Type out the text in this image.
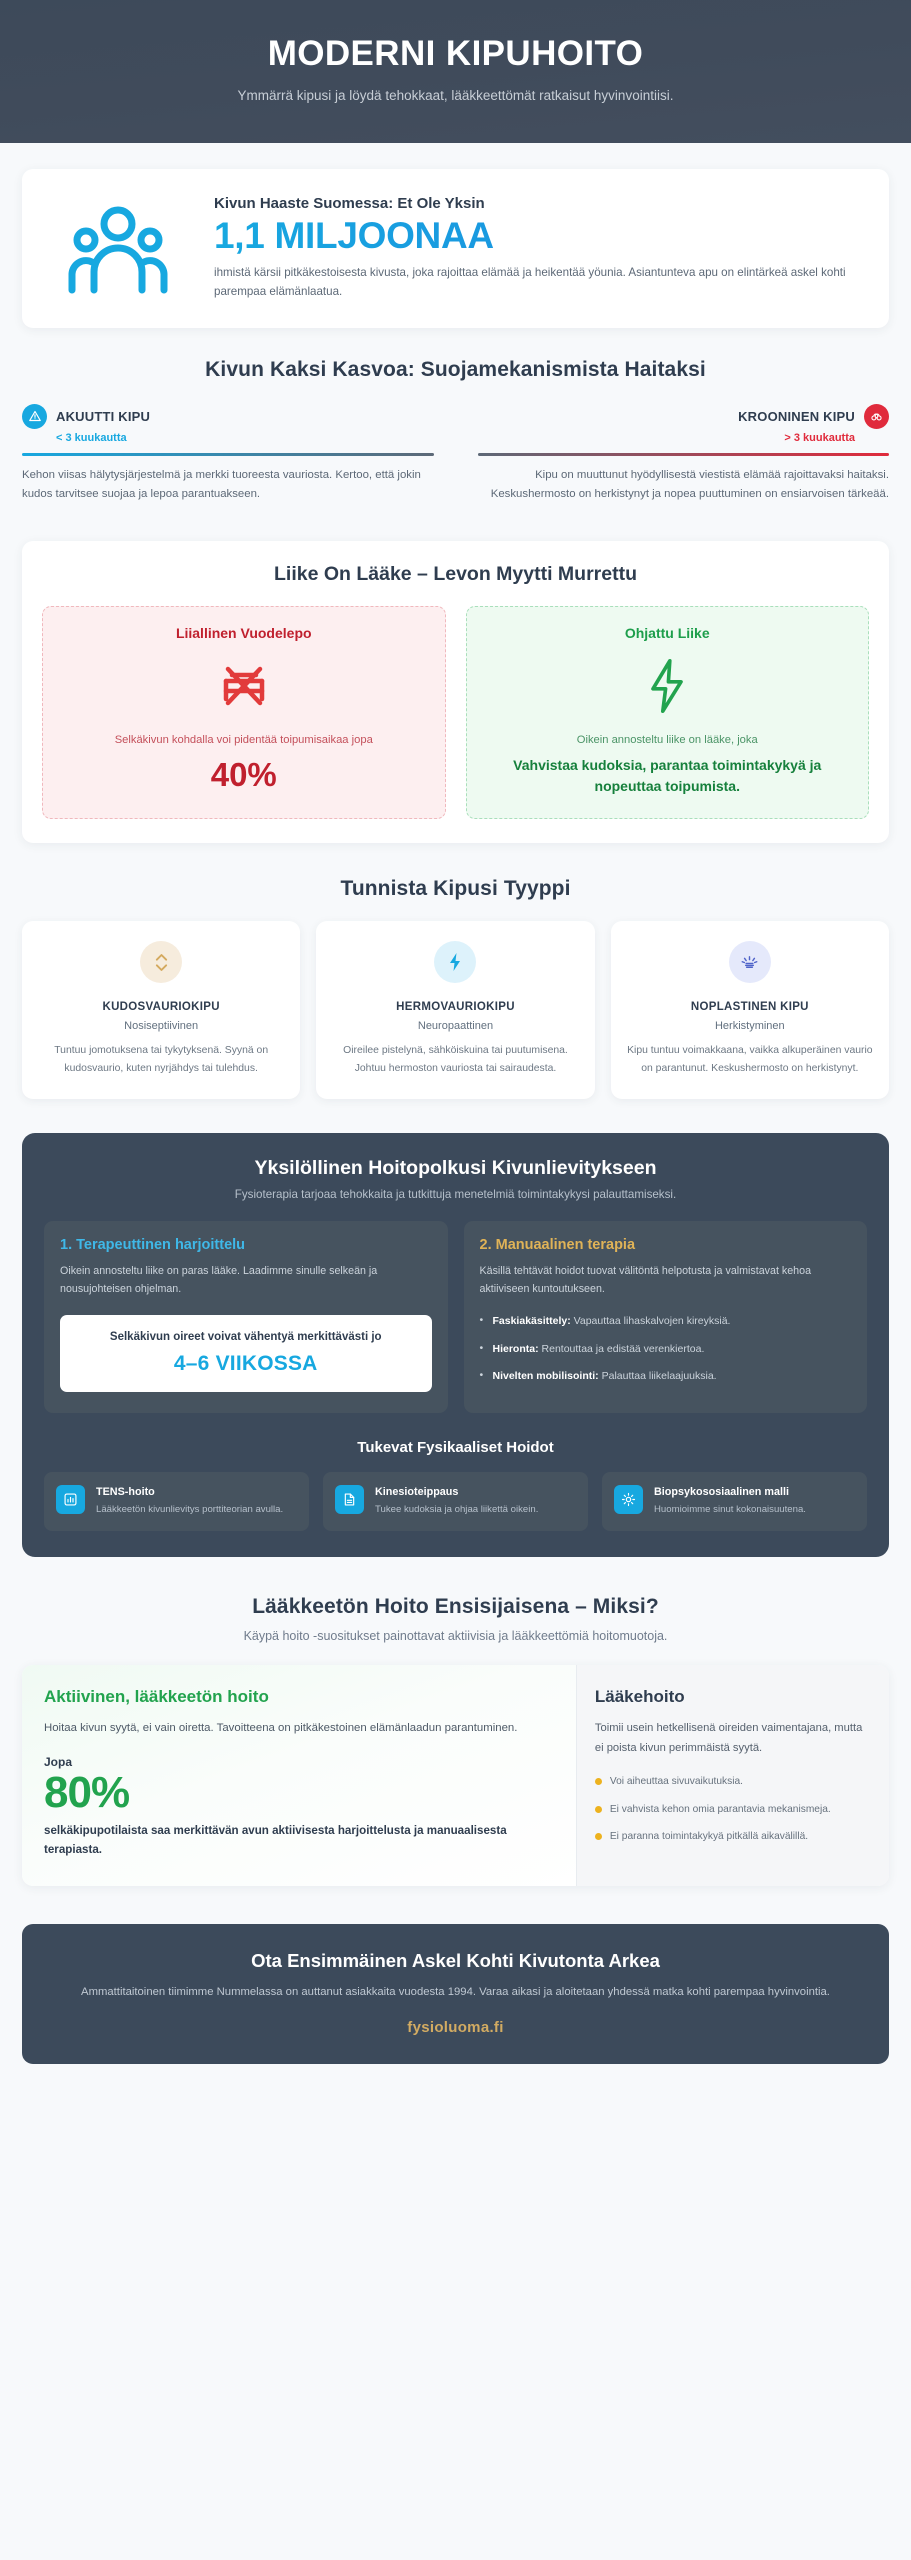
MODERNI KIPUHOITO

Ymmärrä kipusi ja löydä tehokkaat, lääkkeettömät ratkaisut hyvinvointiisi.

Kivun Haaste Suomessa: Et Ole Yksin
1,1 MILJOONAA
ihmistä kärsii pitkäkestoisesta kivusta, joka rajoittaa elämää ja heikentää yöunia. Asiantunteva apu on elintärkeä askel kohti parempaa elämänlaatua.
Kivun Kaksi Kasvoa: Suojamekanismista Haitaksi
AKUUTTI KIPU
< 3 kuukautta
Kehon viisas hälytysjärjestelmä ja merkki tuoreesta vauriosta. Kertoo, että jokin kudos tarvitsee suojaa ja lepoa parantuakseen.
KROONINEN KIPU
> 3 kuukautta
Kipu on muuttunut hyödyllisestä viestistä elämää rajoittavaksi haitaksi. Keskushermosto on herkistynyt ja nopea puuttuminen on ensiarvoisen tärkeää.
Liike On Lääke – Levon Myytti Murrettu
Liiallinen Vuodelepo
Selkäkivun kohdalla voi pidentää toipumisaikaa jopa
40%
Ohjattu Liike
Oikein annosteltu liike on lääke, joka
Vahvistaa kudoksia, parantaa toimintakykyä ja nopeuttaa toipumista.
Tunnista Kipusi Tyyppi
KUDOSVAURIOKIPU
Nosiseptiivinen
Tuntuu jomotuksena tai tykytyksenä. Syynä on kudosvaurio, kuten nyrjähdys tai tulehdus.
HERMOVAURIOKIPU
Neuropaattinen
Oireilee pistelynä, sähköiskuina tai puutumisena. Johtuu hermoston vauriosta tai sairaudesta.
NOPLASTINEN KIPU
Herkistyminen
Kipu tuntuu voimakkaana, vaikka alkuperäinen vaurio on parantunut. Keskushermosto on herkistynyt.
Yksilöllinen Hoitopolkusi Kivunlievitykseen
Fysioterapia tarjoaa tehokkaita ja tutkittuja menetelmiä toimintakykysi palauttamiseksi.
1. Terapeuttinen harjoittelu

Oikein annosteltu liike on paras lääke. Laadimme sinulle selkeän ja nousujohteisen ohjelman.

Selkäkivun oireet voivat vähentyä merkittävästi jo
4–6 VIIKOSSA
2. Manuaalinen terapia

Käsillä tehtävät hoidot tuovat välitöntä helpotusta ja valmistavat kehoa aktiiviseen kuntoutukseen.

• Faskiakäsittely: Vapauttaa lihaskalvojen kireyksiä.
• Hieronta: Rentouttaa ja edistää verenkiertoa.
• Nivelten mobilisointi: Palauttaa liikelaajuuksia.
Tukevat Fysikaaliset Hoidot
TENS-hoito

Lääkkeetön kivunlievitys porttiteorian avulla.

Kinesioteippaus

Tukee kudoksia ja ohjaa liikettä oikein.

Biopsykososiaalinen malli

Huomioimme sinut kokonaisuutena.

Lääkkeetön Hoito Ensisijaisena – Miksi?
Käypä hoito -suositukset painottavat aktiivisia ja lääkkeettömiä hoitomuotoja.
Aktiivinen, lääkkeetön hoito
Hoitaa kivun syytä, ei vain oiretta. Tavoitteena on pitkäkestoinen elämänlaadun parantuminen.
Jopa
80%
selkäkipupotilaista saa merkittävän avun aktiivisesta harjoittelusta ja manuaalisesta terapiasta.
Lääkehoito
Toimii usein hetkellisenä oireiden vaimentajana, mutta ei poista kivun perimmäistä syytä.
Voi aiheuttaa sivuvaikutuksia.
Ei vahvista kehon omia parantavia mekanismeja.
Ei paranna toimintakykyä pitkällä aikavälillä.
Ota Ensimmäinen Askel Kohti Kivutonta Arkea

Ammattitaitoinen tiimimme Nummelassa on auttanut asiakkaita vuodesta 1994. Varaa aikasi ja aloitetaan yhdessä matka kohti parempaa hyvinvointia.

fysioluoma.fi
